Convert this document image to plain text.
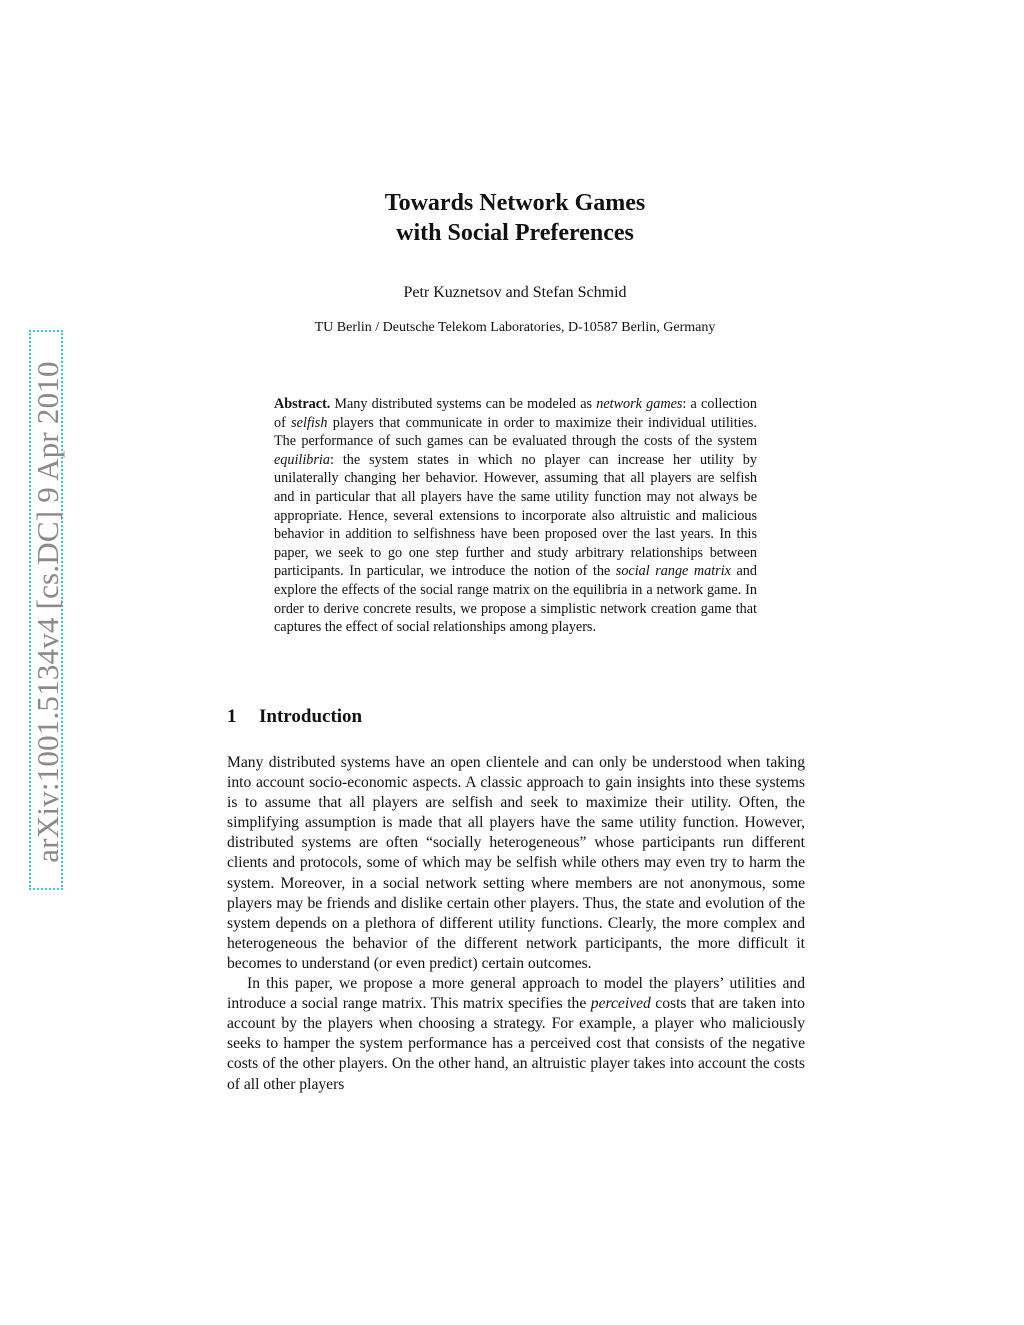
arXiv:1001.5134v4 [cs.DC] 9 Apr 2010

Towards Network Games

with Social Preferences

Petr Kuznetsov and Stefan Schmid
TU Berlin / Deutsche Telekom Laboratories, D-10587 Berlin, Germany
Abstract. Many distributed systems can be modeled as network games: a collection of selfish players that communicate in order to maximize their individual utilities. The performance of such games can be evaluated through the costs of the system equilibria: the system states in which no player can increase her utility by unilaterally changing her behavior. However, assuming that all players are selfish and in particular that all players have the same utility function may not always be appropriate. Hence, several extensions to incorporate also altruistic and malicious behavior in addition to selfishness have been proposed over the last years. In this paper, we seek to go one step further and study arbitrary relationships between participants. In particular, we introduce the notion of the social range matrix and explore the effects of the social range matrix on the equilibria in a network game. In order to derive concrete results, we propose a simplistic network creation game that captures the effect of social relationships among players.
1 Introduction

Many distributed systems have an open clientele and can only be understood when taking into account socio-economic aspects. A classic approach to gain insights into these systems is to assume that all players are selfish and seek to maximize their utility. Often, the simplifying assumption is made that all players have the same utility function. However, distributed systems are often “socially heterogeneous” whose participants run different clients and protocols, some of which may be selfish while others may even try to harm the system. Moreover, in a social network setting where members are not anonymous, some players may be friends and dislike certain other players. Thus, the state and evolution of the system depends on a plethora of different utility functions. Clearly, the more complex and heterogeneous the behavior of the different network participants, the more difficult it becomes to understand (or even predict) certain outcomes.

In this paper, we propose a more general approach to model the players’ utilities and introduce a social range matrix. This matrix specifies the perceived costs that are taken into account by the players when choosing a strategy. For example, a player who maliciously seeks to hamper the system performance has a perceived cost that consists of the negative costs of the other players. On the other hand, an altruistic player takes into account the costs of all other players
